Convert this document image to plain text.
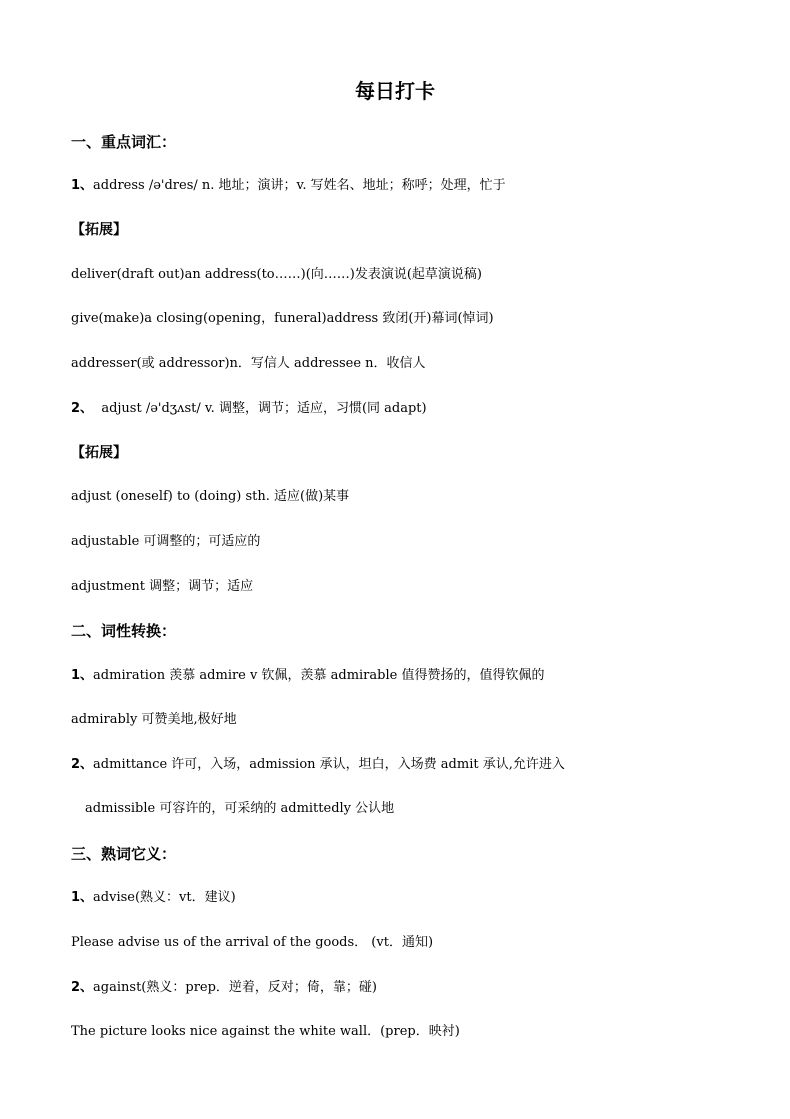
每日打卡
一、重点词汇：
1、address /ə'dres/ n. 地址；演讲；v. 写姓名、地址；称呼；处理，忙于
【拓展】
deliver(draft out)an address(to……)(向……)发表演说(起草演说稿)
give(make)a closing(opening，funeral)address 致闭(开)幕词(悼词)
addresser(或 addressor)n．写信人 addressee n．收信人
2、 adjust /ə'dʒʌst/ v. 调整，调节；适应，习惯(同 adapt)
【拓展】
adjust (oneself) to (doing) sth. 适应(做)某事
adjustable 可调整的；可适应的
adjustment 调整；调节；适应
二、词性转换：
1、admiration 羡慕 admire v 钦佩，羡慕 admirable 值得赞扬的，值得钦佩的
admirably 可赞美地,极好地
2、admittance 许可，入场，admission 承认，坦白，入场费 admit 承认,允许进入
admissible 可容许的，可采纳的 admittedly 公认地
三、熟词它义：
1、advise(熟义：vt．建议)
Please advise us of the arrival of the goods． (vt．通知)
2、against(熟义：prep．逆着，反对；倚，靠；碰)
The picture looks nice against the white wall．(prep．映衬)
